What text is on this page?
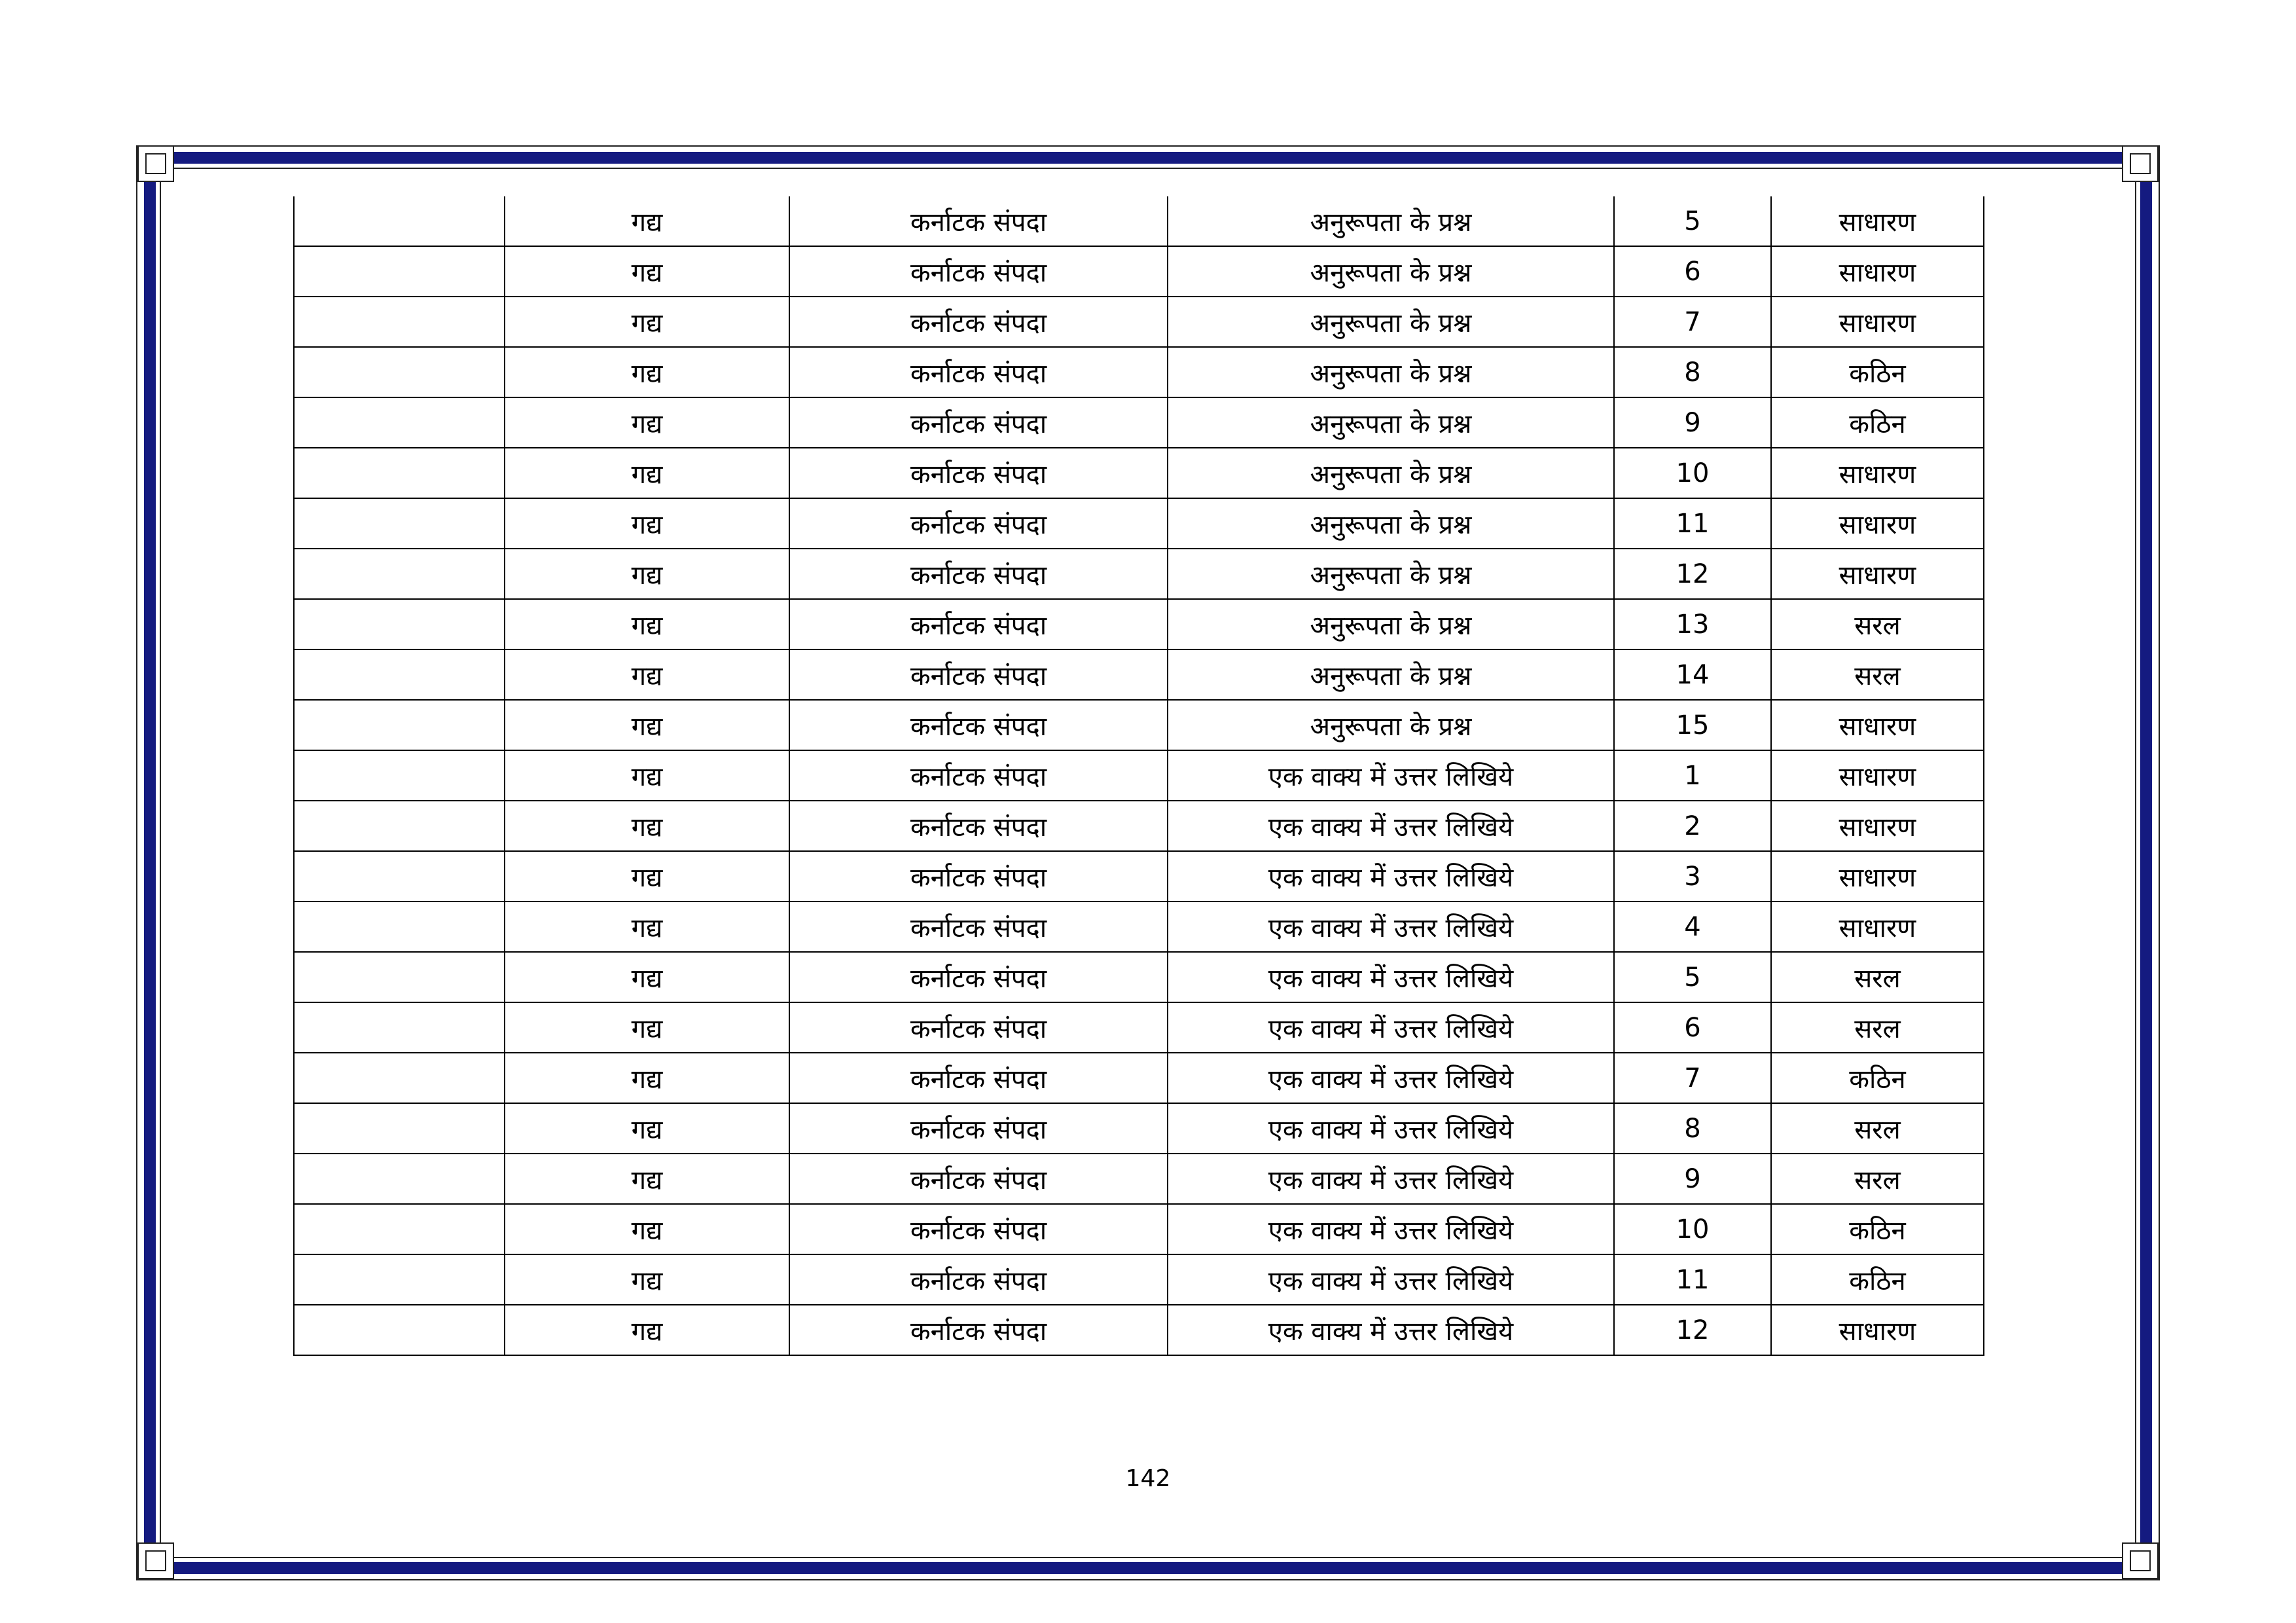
	गद्य	कर्नाटक संपदा	अनुरूपता के प्रश्न	5	साधारण
	गद्य	कर्नाटक संपदा	अनुरूपता के प्रश्न	6	साधारण
	गद्य	कर्नाटक संपदा	अनुरूपता के प्रश्न	7	साधारण
	गद्य	कर्नाटक संपदा	अनुरूपता के प्रश्न	8	कठिन
	गद्य	कर्नाटक संपदा	अनुरूपता के प्रश्न	9	कठिन
	गद्य	कर्नाटक संपदा	अनुरूपता के प्रश्न	10	साधारण
	गद्य	कर्नाटक संपदा	अनुरूपता के प्रश्न	11	साधारण
	गद्य	कर्नाटक संपदा	अनुरूपता के प्रश्न	12	साधारण
	गद्य	कर्नाटक संपदा	अनुरूपता के प्रश्न	13	सरल
	गद्य	कर्नाटक संपदा	अनुरूपता के प्रश्न	14	सरल
	गद्य	कर्नाटक संपदा	अनुरूपता के प्रश्न	15	साधारण
	गद्य	कर्नाटक संपदा	एक वाक्य में उत्तर लिखिये	1	साधारण
	गद्य	कर्नाटक संपदा	एक वाक्य में उत्तर लिखिये	2	साधारण
	गद्य	कर्नाटक संपदा	एक वाक्य में उत्तर लिखिये	3	साधारण
	गद्य	कर्नाटक संपदा	एक वाक्य में उत्तर लिखिये	4	साधारण
	गद्य	कर्नाटक संपदा	एक वाक्य में उत्तर लिखिये	5	सरल
	गद्य	कर्नाटक संपदा	एक वाक्य में उत्तर लिखिये	6	सरल
	गद्य	कर्नाटक संपदा	एक वाक्य में उत्तर लिखिये	7	कठिन
	गद्य	कर्नाटक संपदा	एक वाक्य में उत्तर लिखिये	8	सरल
	गद्य	कर्नाटक संपदा	एक वाक्य में उत्तर लिखिये	9	सरल
	गद्य	कर्नाटक संपदा	एक वाक्य में उत्तर लिखिये	10	कठिन
	गद्य	कर्नाटक संपदा	एक वाक्य में उत्तर लिखिये	11	कठिन
	गद्य	कर्नाटक संपदा	एक वाक्य में उत्तर लिखिये	12	साधारण
142
